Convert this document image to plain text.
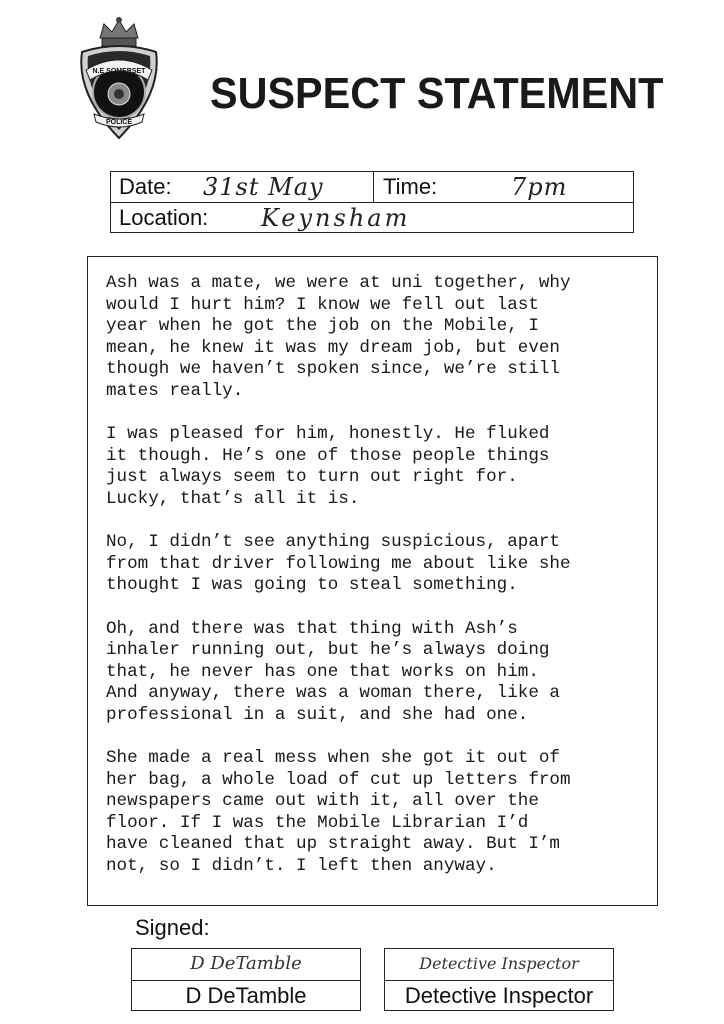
N.E SOMERSET
POLICE
SUSPECT STATEMENT
Date: 31st May	Time:	7pm
Location: Keynsham

Ash was a mate, we were at uni together, why
would I hurt him? I know we fell out last
year when he got the job on the Mobile, I
mean, he knew it was my dream job, but even
though we haven’t spoken since, we’re still
mates really.

I was pleased for him, honestly. He fluked
it though. He’s one of those people things
just always seem to turn out right for.
Lucky, that’s all it is.

No, I didn’t see anything suspicious, apart
from that driver following me about like she
thought I was going to steal something.

Oh, and there was that thing with Ash’s
inhaler running out, but he’s always doing
that, he never has one that works on him.
And anyway, there was a woman there, like a
professional in a suit, and she had one.

She made a real mess when she got it out of
her bag, a whole load of cut up letters from
newspapers came out with it, all over the
floor. If I was the Mobile Librarian I’d
have cleaned that up straight away. But I’m
not, so I didn’t. I left then anyway.

Signed:
D DeTamble
D DeTamble
Detective Inspector
Detective Inspector
